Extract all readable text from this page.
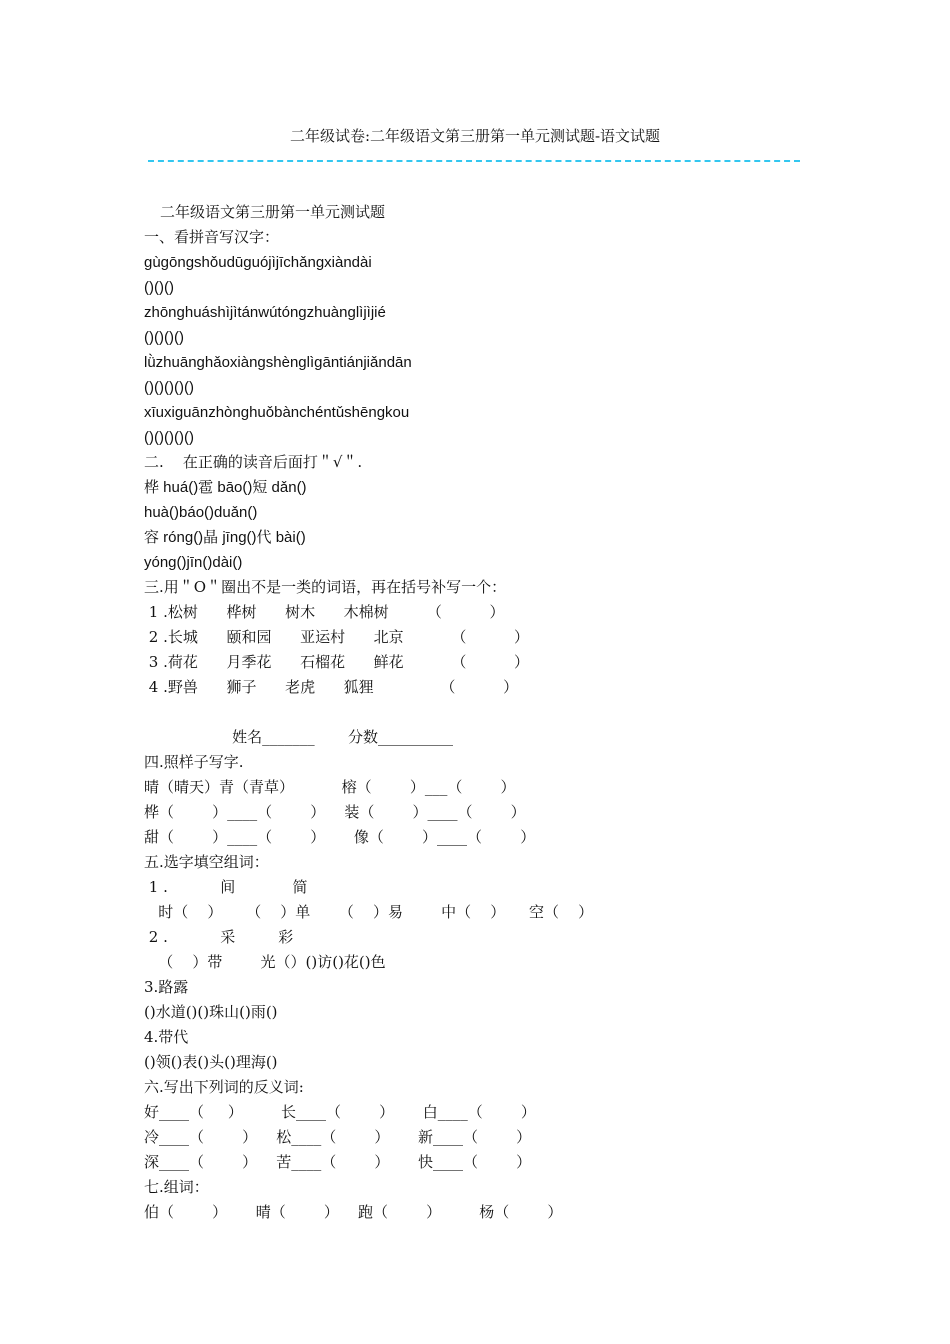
二年级试卷:二年级语文第三册第一单元测试题-语文试题
二年级语文第三册第一单元测试题
一、看拼音写汉字：
gùgōngshǒudūguójìjīchǎngxiàndài
()()()
zhōnghuáshìjìtánwútóngzhuànglìjìjié
()()()()
lǜzhuānghǎoxiàngshènglìgāntiánjiǎndān
()()()()()
xīuxiguānzhònghuǒbànchéntǔshēngkou
()()()()()
二.    在正确的读音后面打＂√＂.
桦 huá()雹 bāo()短 dǎn()
huà()báo()duǎn()
容 róng()晶 jīng()代 bài()
yóng()jīn()dài()
三.用＂O＂圈出不是一类的词语，再在括号补写一个：
1 .松树      桦树      树木      木棉树        （          ）
2 .长城      颐和园      亚运村      北京          （          ）
3 .荷花      月季花      石榴花      鲜花          （          ）
4 .野兽      狮子      老虎      狐狸              （          ）
姓名_______       分数__________
四.照样子写字.
晴（晴天）青（青草）          榕（        ）___（        ）
桦（        ）____（        ）    装（        ）____（        ）
甜（        ）____（        ）      像（        ）____（        ）
五.选字填空组词：
1 .           间            简
时（    ）     （    ）单      （    ）易        中（    ）     空（    ）
2 .           采         彩
（    ）带        光（）()访()花()色
3.路露
()水道()()珠山()雨()
4.带代
()领()表()头()理海()
六.写出下列词的反义词:
好____（     ）        长____（        ）      白____（        ）
冷____（        ）    松____（        ）      新____（        ）
深____（        ）    苦____（        ）      快____（        ）
七.组词：
伯（        ）      晴（        ）    跑（        ）        杨（        ）
